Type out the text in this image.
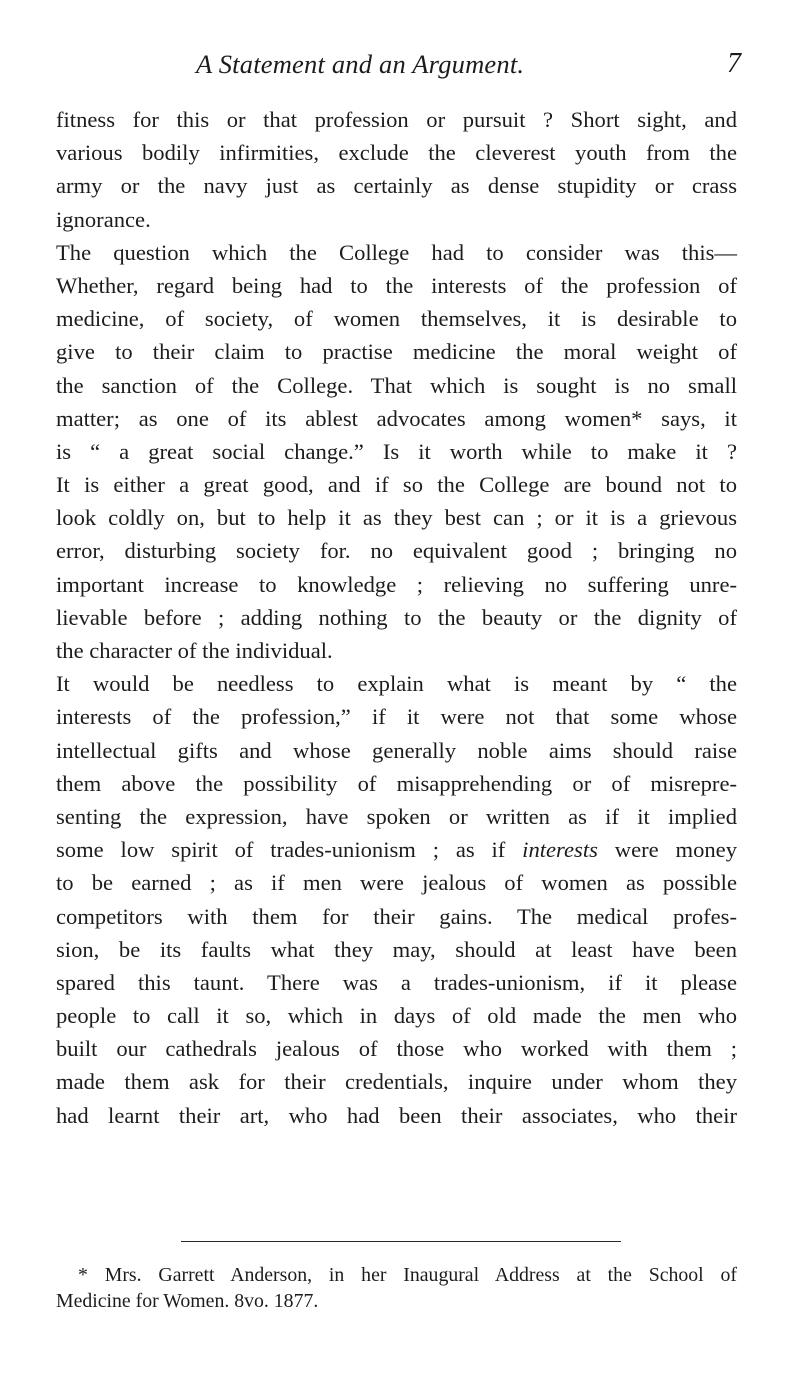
A Statement and an Argument.	7
fitness for this or that profession or pursuit ? Short sight, and
various bodily infirmities, exclude the cleverest youth from the
army or the navy just as certainly as dense stupidity or crass
ignorance.
The question which the College had to consider was this—
Whether, regard being had to the interests of the profession of
medicine, of society, of women themselves, it is desirable to
give to their claim to practise medicine the moral weight of
the sanction of the College. That which is sought is no small
matter; as one of its ablest advocates among women* says, it
is “ a great social change.” Is it worth while to make it ?
It is either a great good, and if so the College are bound not to
look coldly on, but to help it as they best can ; or it is a grievous
error, disturbing society for. no equivalent good ; bringing no
important increase to knowledge ; relieving no suffering unre-
lievable before ; adding nothing to the beauty or the dignity of
the character of the individual.
It would be needless to explain what is meant by “ the
interests of the profession,” if it were not that some whose
intellectual gifts and whose generally noble aims should raise
them above the possibility of misapprehending or of misrepre-
senting the expression, have spoken or written as if it implied
some low spirit of trades-unionism ; as if interests were money
to be earned ; as if men were jealous of women as possible
competitors with them for their gains. The medical profes-
sion, be its faults what they may, should at least have been
spared this taunt. There was a trades-unionism, if it please
people to call it so, which in days of old made the men who
built our cathedrals jealous of those who worked with them ;
made them ask for their credentials, inquire under whom they
had learnt their art, who had been their associates, who their
* Mrs. Garrett Anderson, in her Inaugural Address at the School of
Medicine for Women. 8vo. 1877.
